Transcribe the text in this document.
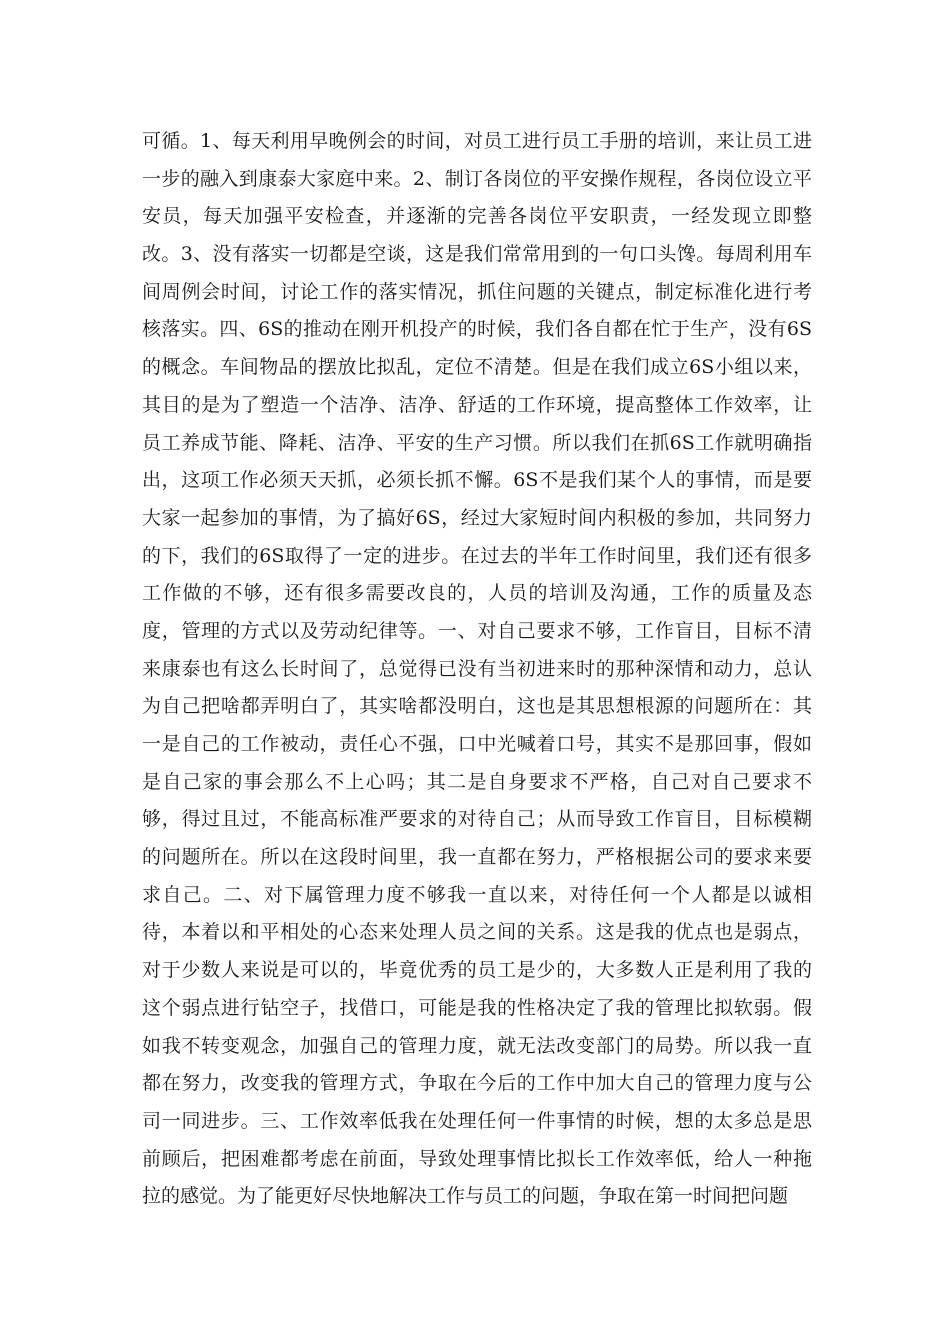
可循。1、每天利用早晚例会的时间，对员工进行员工手册的培训，来让员工进
一步的融入到康泰大家庭中来。2、制订各岗位的平安操作规程，各岗位设立平
安员，每天加强平安检查，并逐渐的完善各岗位平安职责，一经发现立即整
改。3、没有落实一切都是空谈，这是我们常常用到的一句口头馋。每周利用车
间周例会时间，讨论工作的落实情况，抓住问题的关键点，制定标准化进行考
核落实。四、6S的推动在刚开机投产的时候，我们各自都在忙于生产，没有6S
的概念。车间物品的摆放比拟乱，定位不清楚。但是在我们成立6S小组以来，
其目的是为了塑造一个洁净、洁净、舒适的工作环境，提高整体工作效率，让
员工养成节能、降耗、洁净、平安的生产习惯。所以我们在抓6S工作就明确指
出，这项工作必须天天抓，必须长抓不懈。6S不是我们某个人的事情，而是要
大家一起参加的事情，为了搞好6S，经过大家短时间内积极的参加，共同努力
的下，我们的6S取得了一定的进步。在过去的半年工作时间里，我们还有很多
工作做的不够，还有很多需要改良的，人员的培训及沟通，工作的质量及态
度，管理的方式以及劳动纪律等。一、对自己要求不够，工作盲目，目标不清
来康泰也有这么长时间了，总觉得已没有当初进来时的那种深情和动力，总认
为自己把啥都弄明白了，其实啥都没明白，这也是其思想根源的问题所在：其
一是自己的工作被动，责任心不强，口中光喊着口号，其实不是那回事，假如
是自己家的事会那么不上心吗；其二是自身要求不严格，自己对自己要求不
够，得过且过，不能高标准严要求的对待自己；从而导致工作盲目，目标模糊
的问题所在。所以在这段时间里，我一直都在努力，严格根据公司的要求来要
求自己。二、对下属管理力度不够我一直以来，对待任何一个人都是以诚相
待，本着以和平相处的心态来处理人员之间的关系。这是我的优点也是弱点，
对于少数人来说是可以的，毕竟优秀的员工是少的，大多数人正是利用了我的
这个弱点进行钻空子，找借口，可能是我的性格决定了我的管理比拟软弱。假
如我不转变观念，加强自己的管理力度，就无法改变部门的局势。所以我一直
都在努力，改变我的管理方式，争取在今后的工作中加大自己的管理力度与公
司一同进步。三、工作效率低我在处理任何一件事情的时候，想的太多总是思
前顾后，把困难都考虑在前面，导致处理事情比拟长工作效率低，给人一种拖
拉的感觉。为了能更好尽快地解决工作与员工的问题，争取在第一时间把问题
